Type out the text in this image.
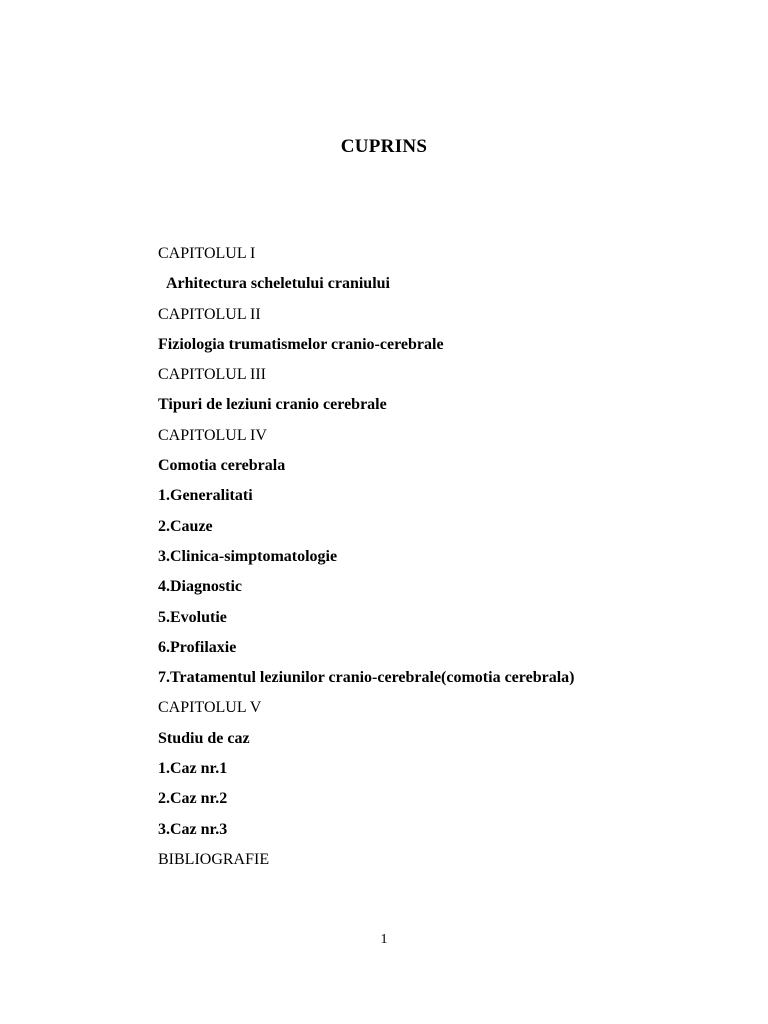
CUPRINS
CAPITOLUL I
Arhitectura scheletului craniului
CAPITOLUL II
Fiziologia trumatismelor cranio-cerebrale
CAPITOLUL III
Tipuri de leziuni cranio cerebrale
CAPITOLUL IV
Comotia cerebrala
1.Generalitati
2.Cauze
3.Clinica-simptomatologie
4.Diagnostic
5.Evolutie
6.Profilaxie
7.Tratamentul leziunilor cranio-cerebrale(comotia cerebrala)
CAPITOLUL V
Studiu de caz
1.Caz nr.1
2.Caz nr.2
3.Caz nr.3
BIBLIOGRAFIE
1
